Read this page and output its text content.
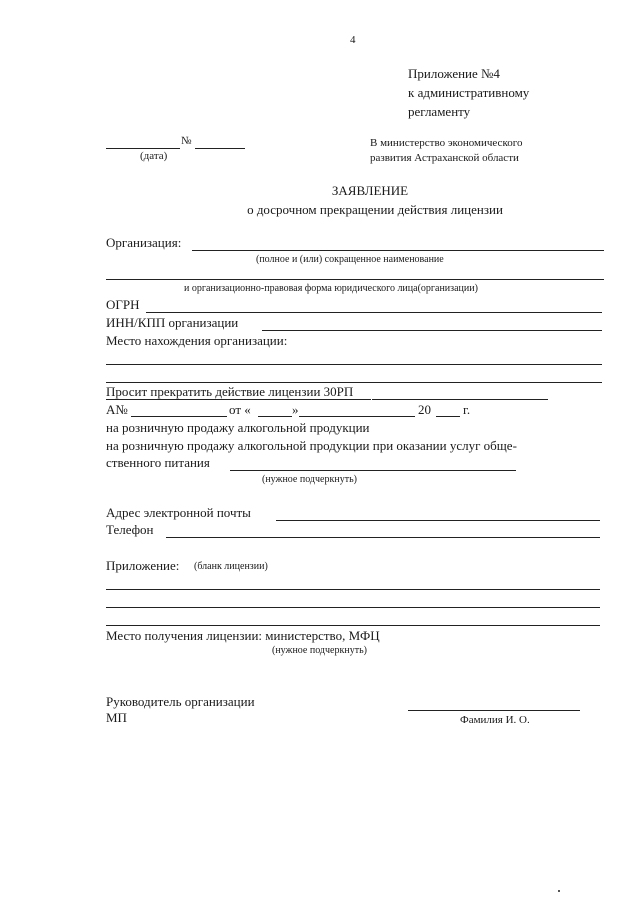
4
Приложение №4
к административному
регламенту
№
(дата)
В министерство экономического
развития Астраханской области
ЗАЯВЛЕНИЕ
о досрочном прекращении действия лицензии
Организация:
(полное и (или) сокращенное наименование
и организационно-правовая форма юридического лица(организации)
ОГРН
ИНН/КПП организации
Место нахождения организации:
Просит прекратить действие лицензии 30РП
А№	от «	»	20 г.
на розничную продажу алкогольной продукции
на розничную продажу алкогольной продукции при оказании услуг обще-
ственного питания
(нужное подчеркнуть)
Адрес электронной почты
Телефон
Приложение: (бланк лицензии)
Место получения лицензии: министерство, МФЦ
(нужное подчеркнуть)
Руководитель организации
МП	Фамилия И. О.
